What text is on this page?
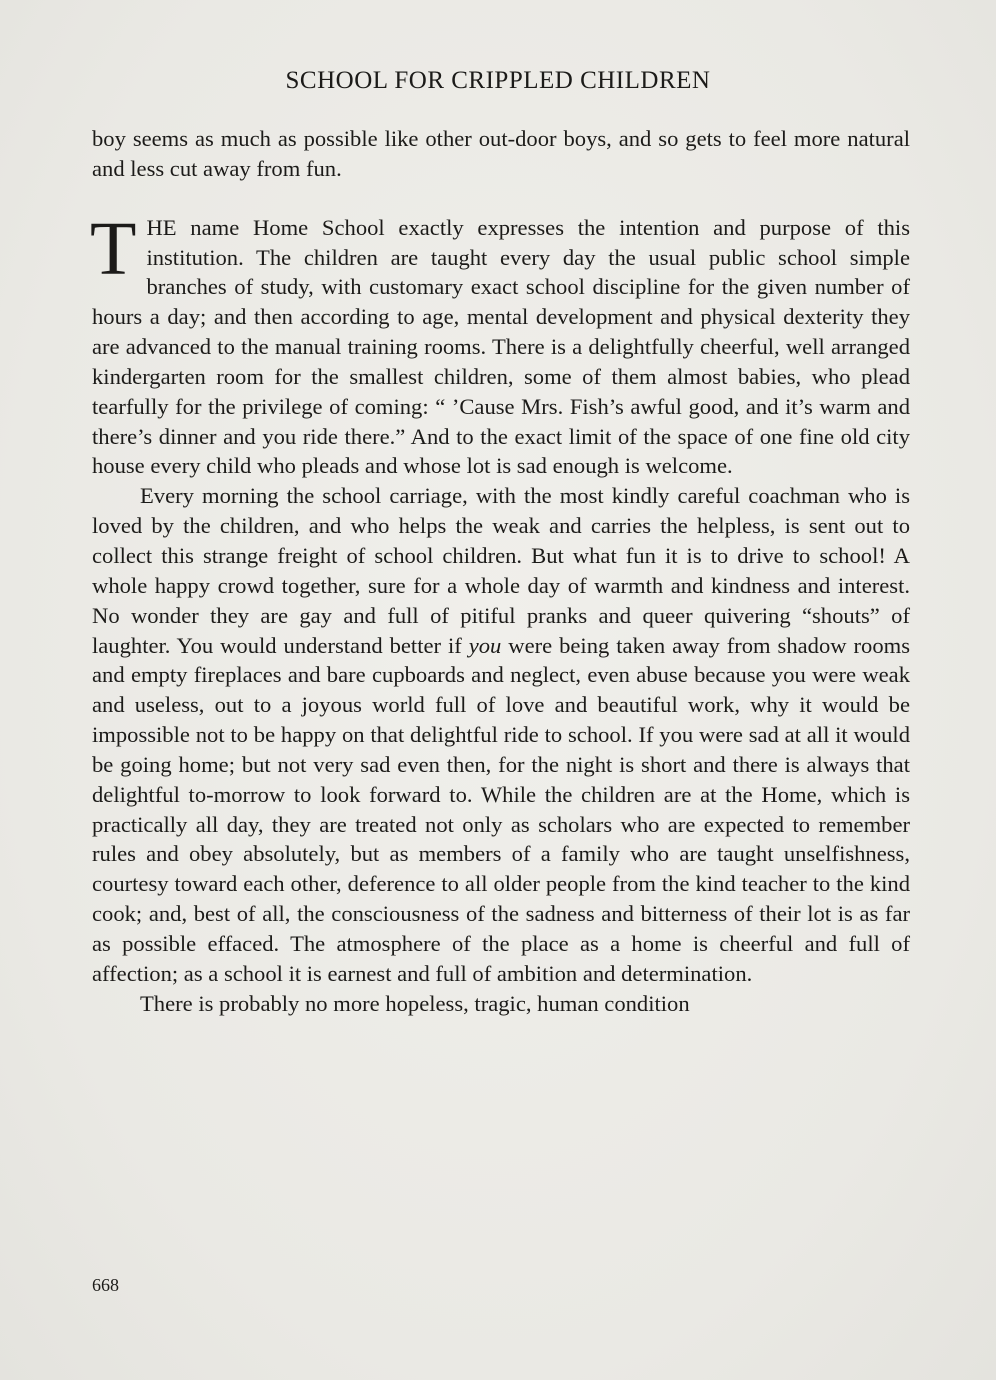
SCHOOL FOR CRIPPLED CHILDREN

boy seems as much as possible like other out-door boys, and so gets to feel more natural and less cut away from fun.

THE name Home School exactly expresses the intention and purpose of this institution. The children are taught every day the usual public school simple branches of study, with customary exact school discipline for the given number of hours a day; and then according to age, mental development and physical dexterity they are advanced to the manual training rooms. There is a delightfully cheerful, well arranged kindergarten room for the smallest children, some of them almost babies, who plead tearfully for the privilege of coming: “ ’Cause Mrs. Fish’s awful good, and it’s warm and there’s dinner and you ride there.” And to the exact limit of the space of one fine old city house every child who pleads and whose lot is sad enough is welcome.

Every morning the school carriage, with the most kindly careful coachman who is loved by the children, and who helps the weak and carries the helpless, is sent out to collect this strange freight of school children. But what fun it is to drive to school! A whole happy crowd together, sure for a whole day of warmth and kindness and interest. No wonder they are gay and full of pitiful pranks and queer quivering “shouts” of laughter. You would understand better if you were being taken away from shadow rooms and empty fireplaces and bare cupboards and neglect, even abuse because you were weak and useless, out to a joyous world full of love and beautiful work, why it would be impossible not to be happy on that delightful ride to school. If you were sad at all it would be going home; but not very sad even then, for the night is short and there is always that delightful to-morrow to look forward to. While the children are at the Home, which is practically all day, they are treated not only as scholars who are expected to remember rules and obey absolutely, but as members of a family who are taught unselfishness, courtesy toward each other, deference to all older people from the kind teacher to the kind cook; and, best of all, the consciousness of the sadness and bitterness of their lot is as far as possible effaced. The atmosphere of the place as a home is cheerful and full of affection; as a school it is earnest and full of ambition and determination.

There is probably no more hopeless, tragic, human condition

668
